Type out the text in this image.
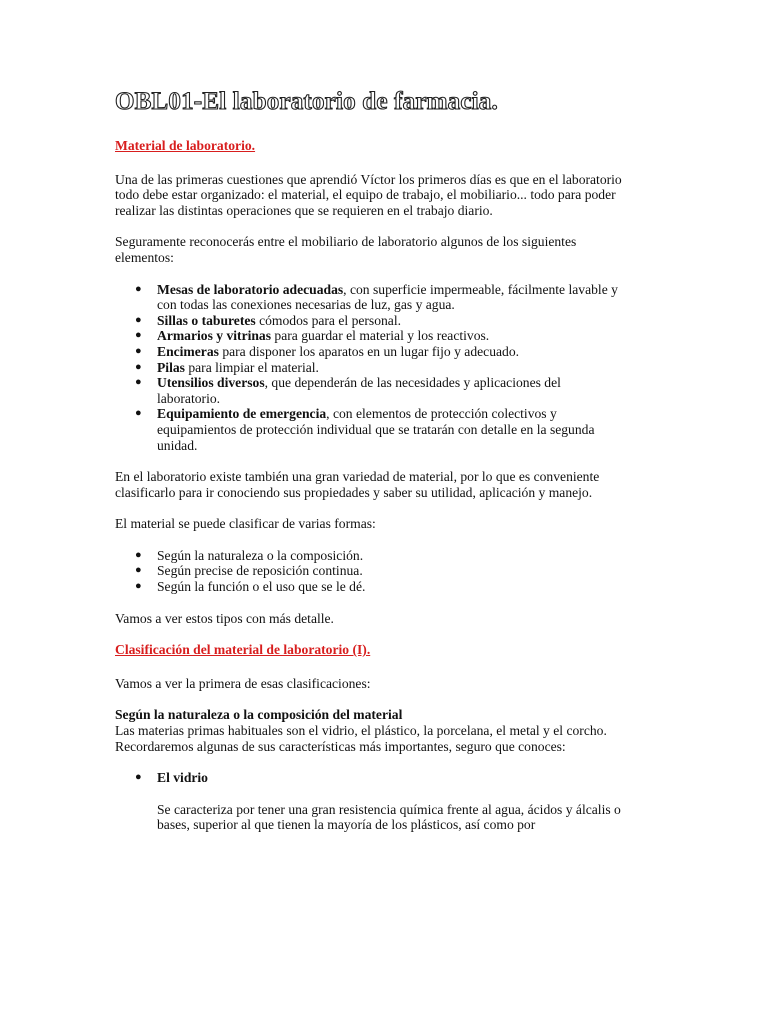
OBL01-El laboratorio de farmacia.
Material de laboratorio.

Una de las primeras cuestiones que aprendió Víctor los primeros días es que en el laboratorio todo debe estar organizado: el material, el equipo de trabajo, el mobiliario... todo para poder realizar las distintas operaciones que se requieren en el trabajo diario.

Seguramente reconocerás entre el mobiliario de laboratorio algunos de los siguientes elementos:

● Mesas de laboratorio adecuadas, con superficie impermeable, fácilmente lavable y con todas las conexiones necesarias de luz, gas y agua.
● Sillas o taburetes cómodos para el personal.
● Armarios y vitrinas para guardar el material y los reactivos.
● Encimeras para disponer los aparatos en un lugar fijo y adecuado.
● Pilas para limpiar el material.
● Utensilios diversos, que dependerán de las necesidades y aplicaciones del laboratorio.
● Equipamiento de emergencia, con elementos de protección colectivos y equipamientos de protección individual que se tratarán con detalle en la segunda unidad.

En el laboratorio existe también una gran variedad de material, por lo que es conveniente clasificarlo para ir conociendo sus propiedades y saber su utilidad, aplicación y manejo.

El material se puede clasificar de varias formas:

● Según la naturaleza o la composición.
● Según precise de reposición continua.
● Según la función o el uso que se le dé.

Vamos a ver estos tipos con más detalle.

Clasificación del material de laboratorio (I).

Vamos a ver la primera de esas clasificaciones:

Según la naturaleza o la composición del material

Las materias primas habituales son el vidrio, el plástico, la porcelana, el metal y el corcho. Recordaremos algunas de sus características más importantes, seguro que conoces:

● El vidrio

Se caracteriza por tener una gran resistencia química frente al agua, ácidos y álcalis o bases, superior al que tienen la mayoría de los plásticos, así como por
